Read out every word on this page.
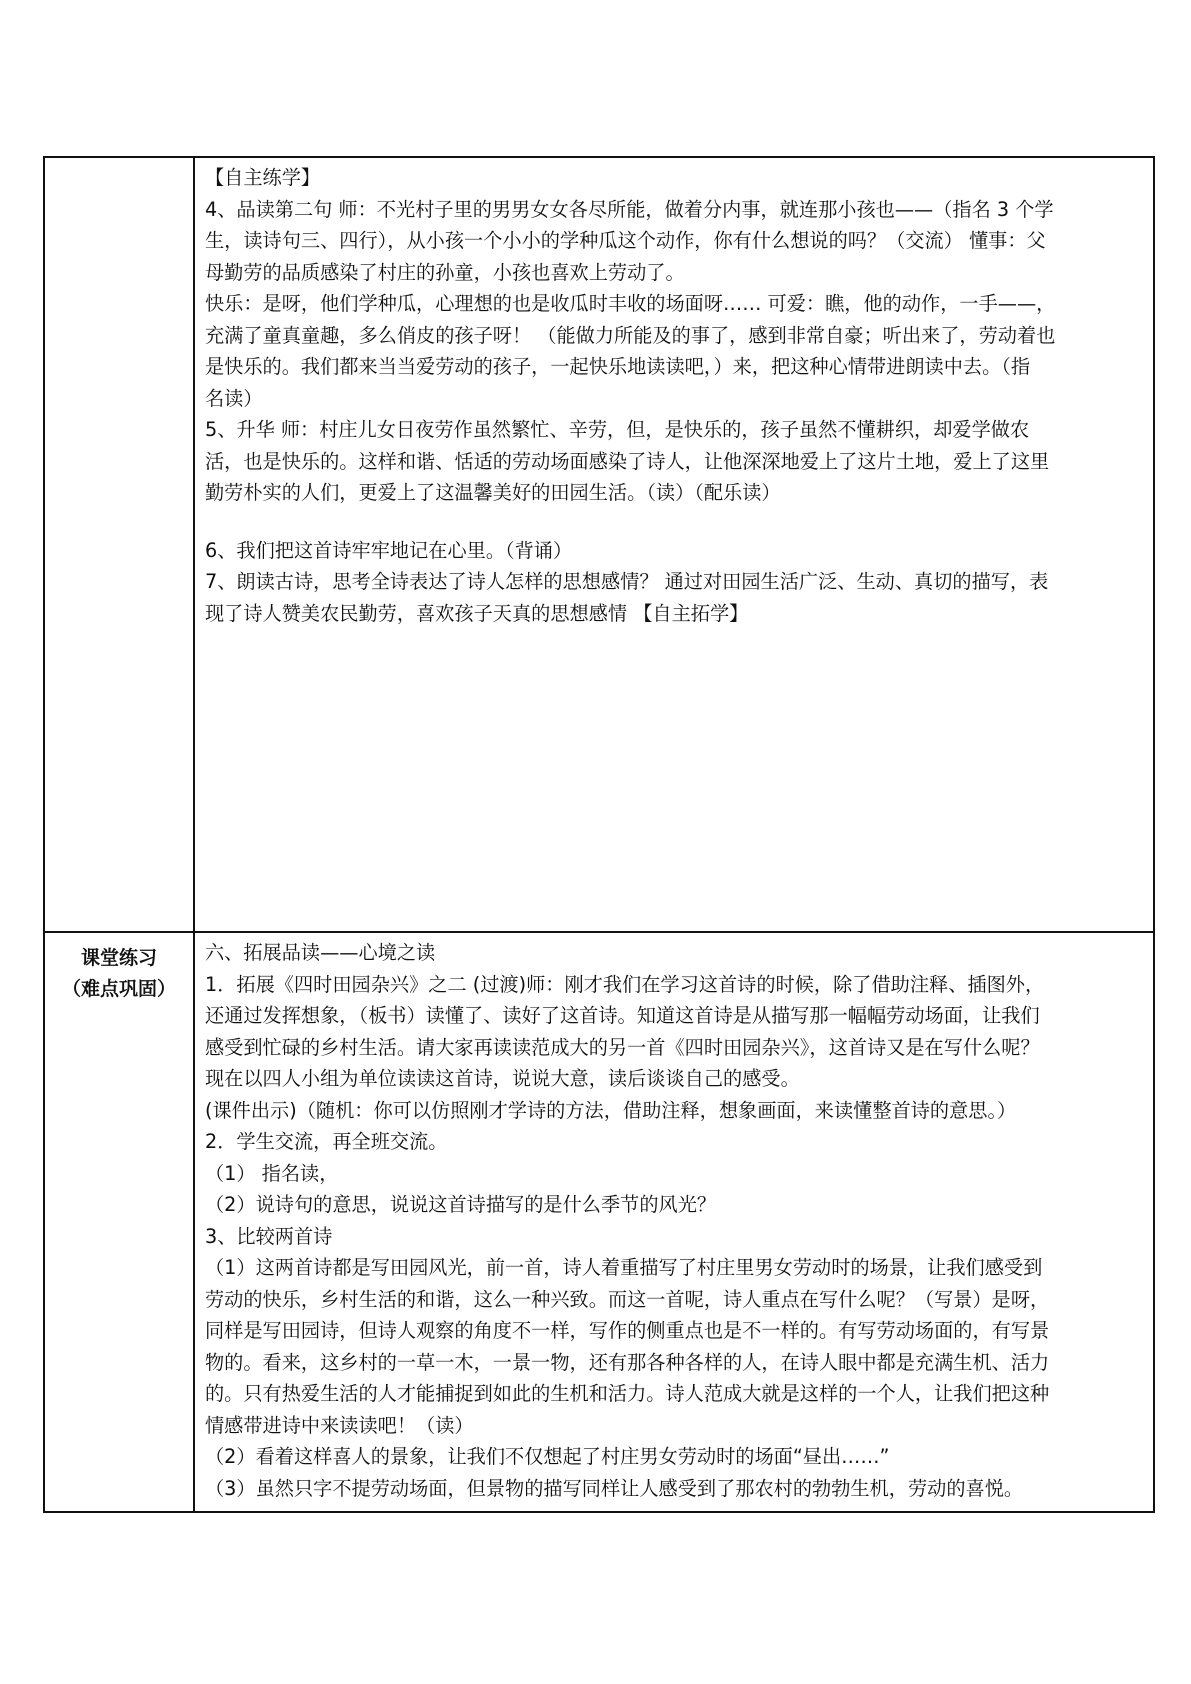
【自主练学】
4、品读第二句 师：不光村子里的男男女女各尽所能，做着分内事，就连那小孩也——（指名 3 个学
生，读诗句三、四行），从小孩一个小小的学种瓜这个动作，你有什么想说的吗？（交流） 懂事：父
母勤劳的品质感染了村庄的孙童，小孩也喜欢上劳动了。
快乐：是呀，他们学种瓜，心理想的也是收瓜时丰收的场面呀…… 可爱：瞧，他的动作，一手——，
充满了童真童趣，多么俏皮的孩子呀！ （能做力所能及的事了，感到非常自豪；听出来了，劳动着也
是快乐的。我们都来当当爱劳动的孩子，一起快乐地读读吧，）来，把这种心情带进朗读中去。（指
名读）
5、升华 师：村庄儿女日夜劳作虽然繁忙、辛劳，但，是快乐的，孩子虽然不懂耕织，却爱学做农
活，也是快乐的。这样和谐、恬适的劳动场面感染了诗人，让他深深地爱上了这片土地，爱上了这里
勤劳朴实的人们，更爱上了这温馨美好的田园生活。（读）（配乐读）
6、我们把这首诗牢牢地记在心里。（背诵）
7、朗读古诗，思考全诗表达了诗人怎样的思想感情？ 通过对田园生活广泛、生动、真切的描写，表
现了诗人赞美农民勤劳，喜欢孩子天真的思想感情 【自主拓学】
课堂练习
（难点巩固）
六、拓展品读——心境之读
1．拓展《四时田园杂兴》之二 (过渡)师：刚才我们在学习这首诗的时候，除了借助注释、插图外，
还通过发挥想象，（板书）读懂了、读好了这首诗。知道这首诗是从描写那一幅幅劳动场面，让我们
感受到忙碌的乡村生活。请大家再读读范成大的另一首《四时田园杂兴》，这首诗又是在写什么呢？
现在以四人小组为单位读读这首诗，说说大意，读后谈谈自己的感受。
(课件出示)（随机：你可以仿照刚才学诗的方法，借助注释，想象画面，来读懂整首诗的意思。）
2．学生交流，再全班交流。
（1） 指名读，
（2）说诗句的意思，说说这首诗描写的是什么季节的风光？
3、比较两首诗
（1）这两首诗都是写田园风光，前一首，诗人着重描写了村庄里男女劳动时的场景，让我们感受到
劳动的快乐，乡村生活的和谐，这么一种兴致。而这一首呢，诗人重点在写什么呢？（写景）是呀，
同样是写田园诗，但诗人观察的角度不一样，写作的侧重点也是不一样的。有写劳动场面的，有写景
物的。看来，这乡村的一草一木，一景一物，还有那各种各样的人，在诗人眼中都是充满生机、活力
的。只有热爱生活的人才能捕捉到如此的生机和活力。诗人范成大就是这样的一个人，让我们把这种
情感带进诗中来读读吧！（读）
（2）看着这样喜人的景象，让我们不仅想起了村庄男女劳动时的场面“昼出……”
（3）虽然只字不提劳动场面，但景物的描写同样让人感受到了那农村的勃勃生机，劳动的喜悦。
